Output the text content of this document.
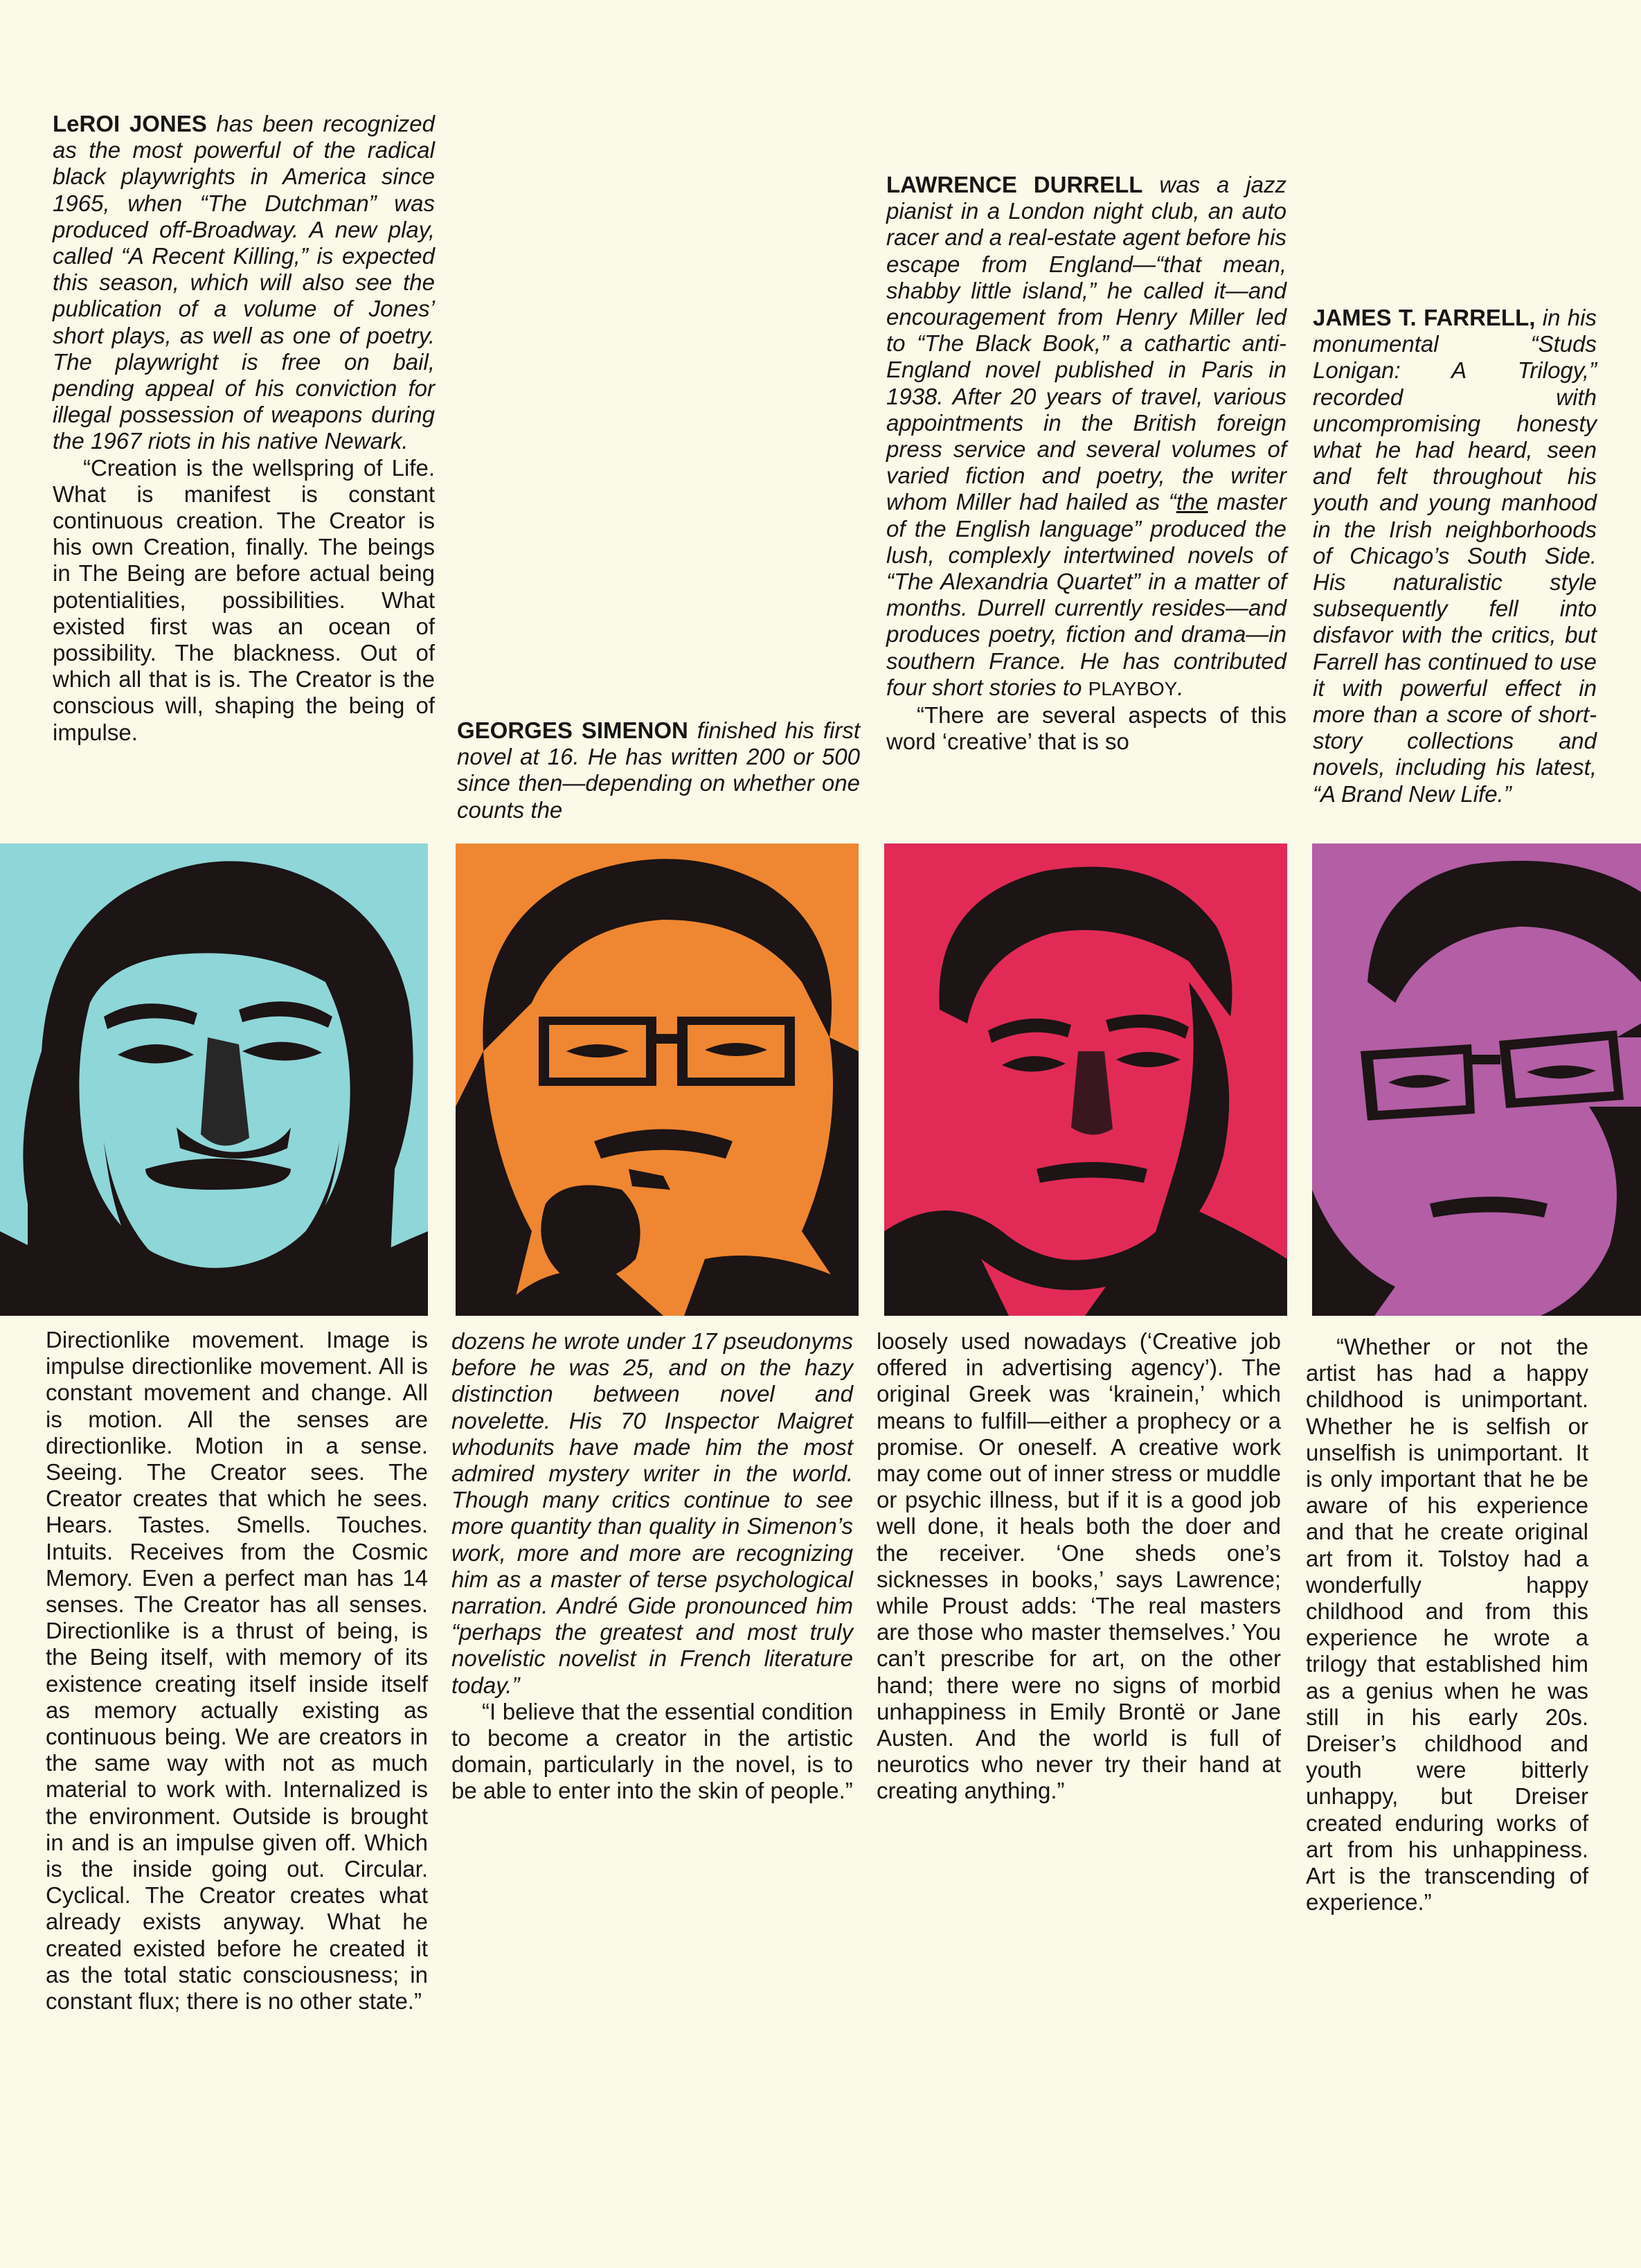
LeROI JONES has been recognized as the most powerful of the radical black playwrights in America since 1965, when “The Dutchman” was produced off-Broadway. A new play, called “A Recent Killing,” is expected this season, which will also see the publication of a volume of Jones’ short plays, as well as one of poetry. The playwright is free on bail, pending appeal of his conviction for illegal possession of weapons during the 1967 riots in his native Newark.

“Creation is the wellspring of Life. What is manifest is constant continuous creation. The Creator is his own Creation, finally. The beings in The Being are before actual being potentialities, possibilities. What existed first was an ocean of possibility. The blackness. Out of which all that is is. The Creator is the conscious will, shaping the being of impulse.	GEORGES SIMENON finished his first novel at 16. He has written 200 or 500 since then—depending on whether one counts the

LAWRENCE DURRELL was a jazz pianist in a London night club, an auto racer and a real-estate agent before his escape from England—“that mean, shabby little island,” he called it—and encouragement from Henry Miller led to “The Black Book,” a cathartic anti-England novel published in Paris in 1938. After 20 years of travel, various appointments in the British foreign press service and several volumes of varied fiction and poetry, the writer whom Miller had hailed as “the master of the English language” produced the lush, complexly intertwined novels of “The Alexandria Quartet” in a matter of months. Durrell currently resides—and produces poetry, fiction and drama—in southern France. He has contributed four short stories to PLAYBOY.

“There are several aspects of this word ‘creative’ that is so

JAMES T. FARRELL, in his monumental “Studs Lonigan: A Trilogy,” recorded with uncompromising honesty what he had heard, seen and felt throughout his youth and young manhood in the Irish neighborhoods of Chicago’s South Side. His naturalistic style subsequently fell into disfavor with the critics, but Farrell has continued to use it with powerful effect in more than a score of short-story collections and novels, including his latest, “A Brand New Life.”

Directionlike movement. Image is impulse directionlike movement. All is constant movement and change. All is motion. All the senses are directionlike. Motion in a sense. Seeing. The Creator sees. The Creator creates that which he sees. Hears. Tastes. Smells. Touches. Intuits. Receives from the Cosmic Memory. Even a perfect man has 14 senses. The Creator has all senses. Directionlike is a thrust of being, is the Being itself, with memory of its existence creating itself inside itself as memory actually existing as continuous being. We are creators in the same way with not as much material to work with. Internalized is the environment. Outside is brought in and is an impulse given off. Which is the inside going out. Circular. Cyclical. The Creator creates what already exists anyway. What he created existed before he created it as the total static consciousness; in constant flux; there is no other state.”

dozens he wrote under 17 pseudonyms before he was 25, and on the hazy distinction between novel and novelette. His 70 Inspector Maigret whodunits have made him the most admired mystery writer in the world. Though many critics continue to see more quantity than quality in Simenon’s work, more and more are recognizing him as a master of terse psychological narration. André Gide pronounced him “perhaps the greatest and most truly novelistic novelist in French literature today.”

“I believe that the essential condition to become a creator in the artistic domain, particularly in the novel, is to be able to enter into the skin of people.”

loosely used nowadays (‘Creative job offered in advertising agency’). The original Greek was ‘krainein,’ which means to fulfill—either a prophecy or a promise. Or oneself. A creative work may come out of inner stress or muddle or psychic illness, but if it is a good job well done, it heals both the doer and the receiver. ‘One sheds one’s sicknesses in books,’ says Lawrence; while Proust adds: ‘The real masters are those who master themselves.’ You can’t prescribe for art, on the other hand; there were no signs of morbid unhappiness in Emily Brontë or Jane Austen. And the world is full of neurotics who never try their hand at creating anything.”

“Whether or not the artist has had a happy childhood is unimportant. Whether he is selfish or unselfish is unimportant. It is only important that he be aware of his experience and that he create original art from it. Tolstoy had a wonderfully happy childhood and from this experience he wrote a trilogy that established him as a genius when he was still in his early 20s. Dreiser’s childhood and youth were bitterly unhappy, but Dreiser created enduring works of art from his unhappiness. Art is the transcending of experience.”
